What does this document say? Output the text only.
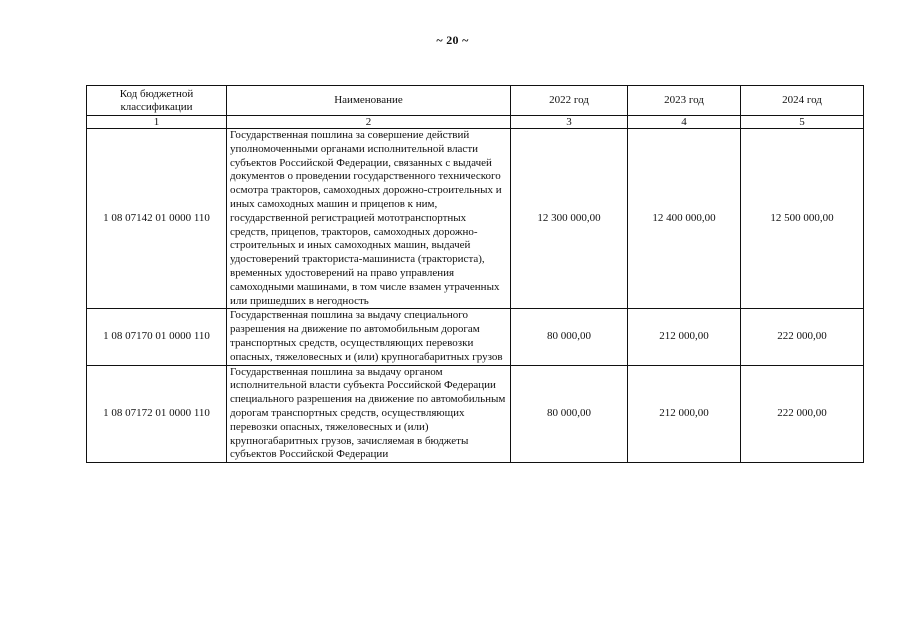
~ 20 ~
Код бюджетной классификации	Наименование	2022 год	2023 год	2024 год
1	2	3	4	5
1 08 07142 01 0000 110	Государственная пошлина за совершение действий уполномоченными органами исполнительной власти субъектов Российской Федерации, связанных с выдачей документов о проведении государственного технического осмотра тракторов, самоходных дорожно-строительных и иных самоходных машин и прицепов к ним, государственной регистрацией мототранспортных средств, прицепов, тракторов, самоходных дорожно-строительных и иных самоходных машин, выдачей удостоверений тракториста-машиниста (тракториста), временных удостоверений на право управления самоходными машинами, в том числе взамен утраченных или пришедших в негодность	12 300 000,00	12 400 000,00	12 500 000,00
1 08 07170 01 0000 110	Государственная пошлина за выдачу специального разрешения на движение по автомобильным дорогам транспортных средств, осуществляющих перевозки опасных, тяжеловесных и (или) крупногабаритных грузов	80 000,00	212 000,00	222 000,00
1 08 07172 01 0000 110	Государственная пошлина за выдачу органом исполнительной власти субъекта Российской Федерации специального разрешения на движение по автомобильным дорогам транспортных средств, осуществляющих перевозки опасных, тяжеловесных и (или) крупногабаритных грузов, зачисляемая в бюджеты субъектов Российской Федерации	80 000,00	212 000,00	222 000,00
